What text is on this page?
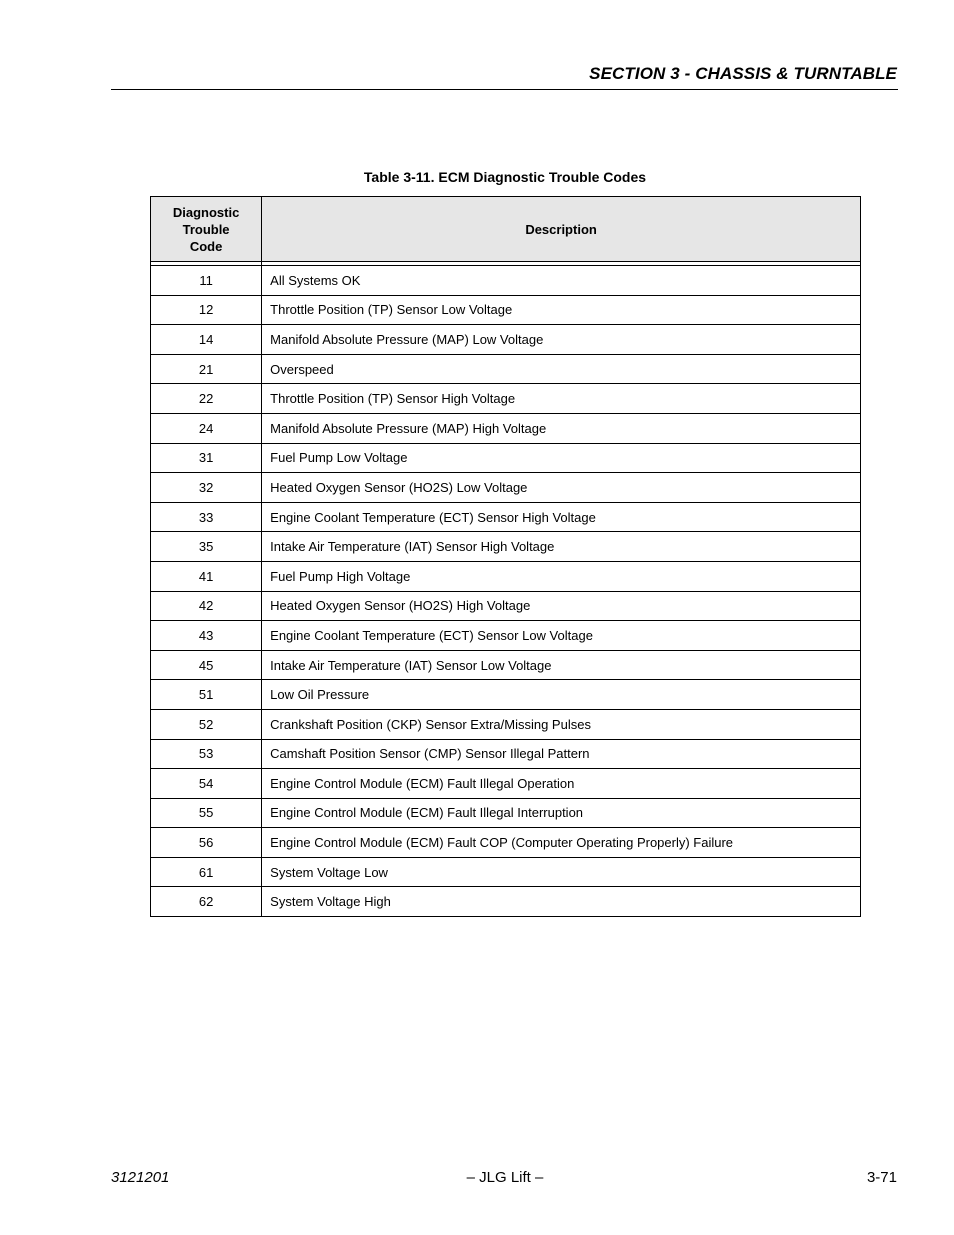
SECTION 3 - CHASSIS & TURNTABLE
Table 3-11. ECM Diagnostic Trouble Codes
Diagnostic
Trouble
Code	Description

11	All Systems OK
12	Throttle Position (TP) Sensor Low Voltage
14	Manifold Absolute Pressure (MAP) Low Voltage
21	Overspeed
22	Throttle Position (TP) Sensor High Voltage
24	Manifold Absolute Pressure (MAP) High Voltage
31	Fuel Pump Low Voltage
32	Heated Oxygen Sensor (HO2S) Low Voltage
33	Engine Coolant Temperature (ECT) Sensor High Voltage
35	Intake Air Temperature (IAT) Sensor High Voltage
41	Fuel Pump High Voltage
42	Heated Oxygen Sensor (HO2S) High Voltage
43	Engine Coolant Temperature (ECT) Sensor Low Voltage
45	Intake Air Temperature (IAT) Sensor Low Voltage
51	Low Oil Pressure
52	Crankshaft Position (CKP) Sensor Extra/Missing Pulses
53	Camshaft Position Sensor (CMP) Sensor Illegal Pattern
54	Engine Control Module (ECM) Fault Illegal Operation
55	Engine Control Module (ECM) Fault Illegal Interruption
56	Engine Control Module (ECM) Fault COP (Computer Operating Properly) Failure
61	System Voltage Low
62	System Voltage High
3121201	– JLG Lift –	3-71
